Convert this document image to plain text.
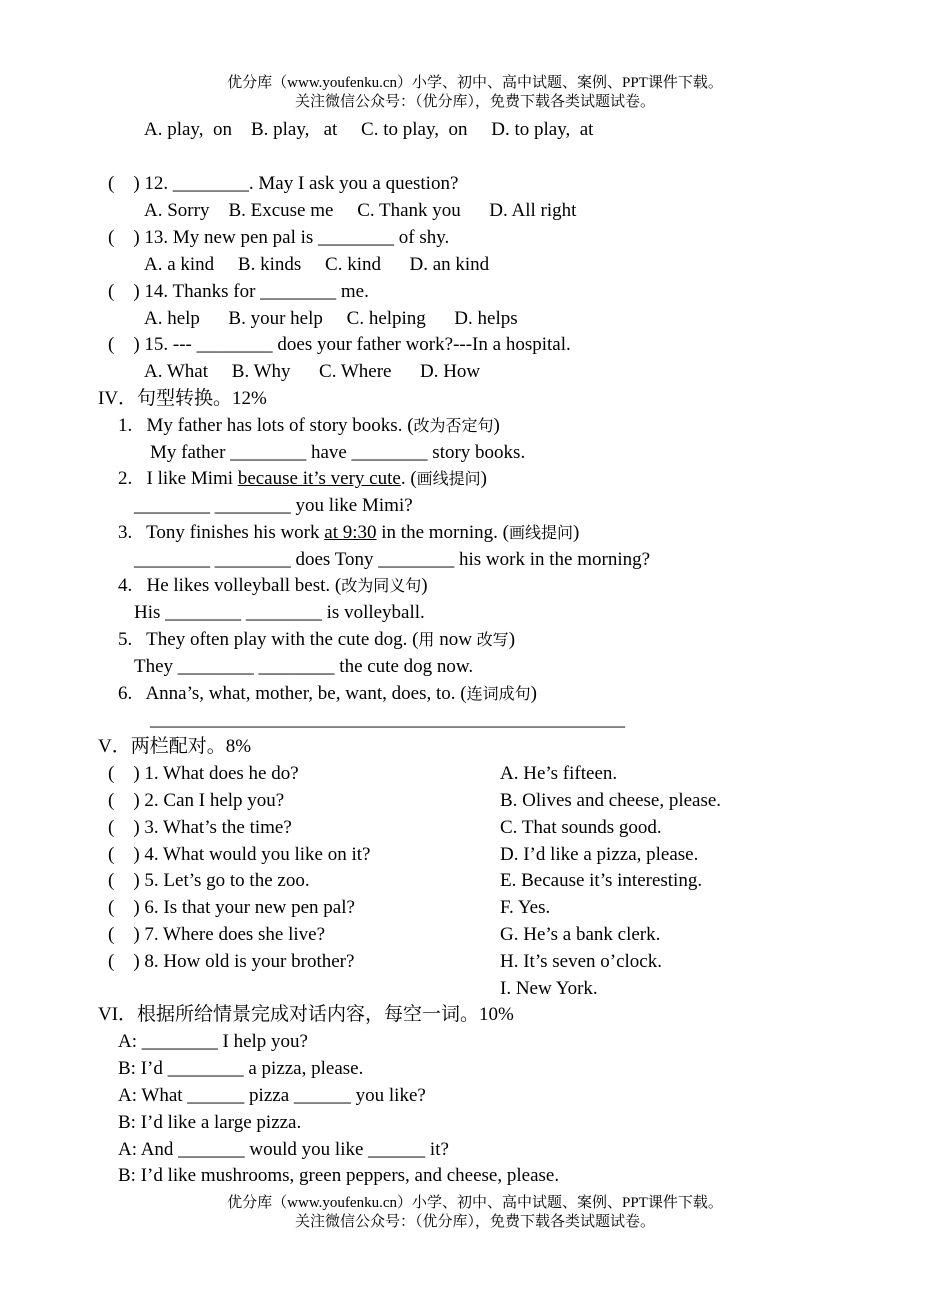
优分库（www.youfenku.cn）小学、初中、高中试题、案例、PPT课件下载。
关注微信公众号：（优分库），免费下载各类试题试卷。
A. play,  on    B. play,   at     C. to play,  on     D. to play,  at
(    ) 12. ________. May I ask you a question?
A. Sorry    B. Excuse me     C. Thank you      D. All right
(    ) 13. My new pen pal is ________ of shy.
A. a kind     B. kinds     C. kind      D. an kind
(    ) 14. Thanks for ________ me.
A. help      B. your help     C. helping      D. helps
(    ) 15. --- ________ does your father work?---In a hospital.
A. What     B. Why      C. Where      D. How
IV．句型转换。12%
1.   My father has lots of story books. (改为否定句)
My father ________ have ________ story books.
2.   I like Mimi because it’s very cute. (画线提问)
________ ________ you like Mimi?
3.   Tony finishes his work at 9:30 in the morning. (画线提问)
________ ________ does Tony ________ his work in the morning?
4.   He likes volleyball best. (改为同义句)
His ________ ________ is volleyball.
5.   They often play with the cute dog. (用 now 改写)
They ________ ________ the cute dog now.
6.   Anna’s, what, mother, be, want, does, to. (连词成句)
__________________________________________________
V．两栏配对。8%
(    ) 1. What does he do?
(    ) 2. Can I help you?
(    ) 3. What’s the time?
(    ) 4. What would you like on it?
(    ) 5. Let’s go to the zoo.
(    ) 6. Is that your new pen pal?
(    ) 7. Where does she live?
(    ) 8. How old is your brother?
A. He’s fifteen.
B. Olives and cheese, please.
C. That sounds good.
D. I’d like a pizza, please.
E. Because it’s interesting.
F. Yes.
G. He’s a bank clerk.
H. It’s seven o’clock.
I. New York.
VI．根据所给情景完成对话内容，每空一词。10%
A: ________ I help you?
B: I’d ________ a pizza, please.
A: What ______ pizza ______ you like?
B: I’d like a large pizza.
A: And _______ would you like ______ it?
B: I’d like mushrooms, green peppers, and cheese, please.
优分库（www.youfenku.cn）小学、初中、高中试题、案例、PPT课件下载。
关注微信公众号：（优分库），免费下载各类试题试卷。
